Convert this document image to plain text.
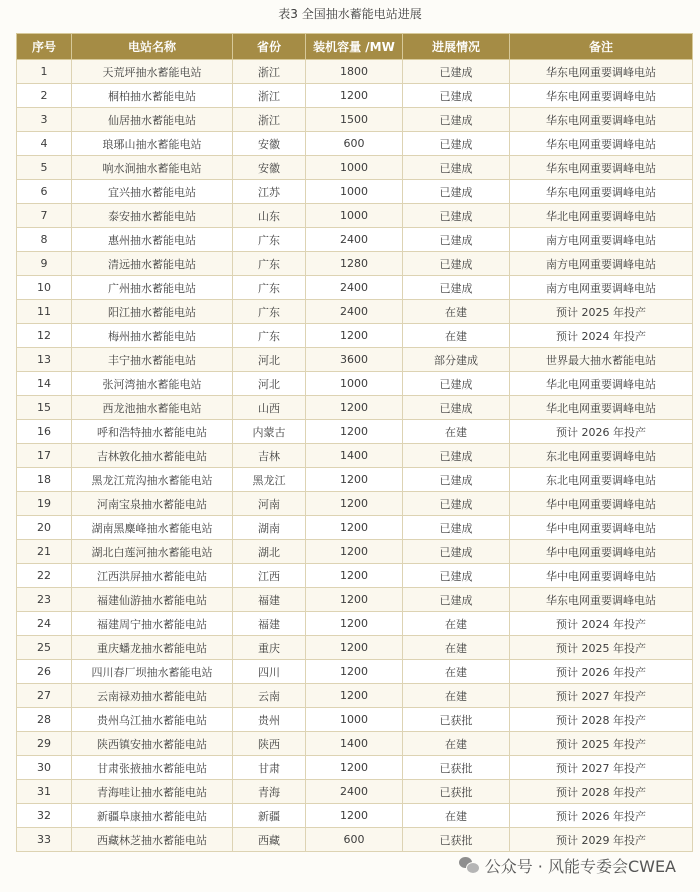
表3 全国抽水蓄能电站进展
序号	电站名称	省份	装机容量 /MW	进展情况	备注
1	天荒坪抽水蓄能电站	浙江	1800	已建成	华东电网重要调峰电站
2	桐柏抽水蓄能电站	浙江	1200	已建成	华东电网重要调峰电站
3	仙居抽水蓄能电站	浙江	1500	已建成	华东电网重要调峰电站
4	琅琊山抽水蓄能电站	安徽	600	已建成	华东电网重要调峰电站
5	响水涧抽水蓄能电站	安徽	1000	已建成	华东电网重要调峰电站
6	宜兴抽水蓄能电站	江苏	1000	已建成	华东电网重要调峰电站
7	泰安抽水蓄能电站	山东	1000	已建成	华北电网重要调峰电站
8	惠州抽水蓄能电站	广东	2400	已建成	南方电网重要调峰电站
9	清远抽水蓄能电站	广东	1280	已建成	南方电网重要调峰电站
10	广州抽水蓄能电站	广东	2400	已建成	南方电网重要调峰电站
11	阳江抽水蓄能电站	广东	2400	在建	预计 2025 年投产
12	梅州抽水蓄能电站	广东	1200	在建	预计 2024 年投产
13	丰宁抽水蓄能电站	河北	3600	部分建成	世界最大抽水蓄能电站
14	张河湾抽水蓄能电站	河北	1000	已建成	华北电网重要调峰电站
15	西龙池抽水蓄能电站	山西	1200	已建成	华北电网重要调峰电站
16	呼和浩特抽水蓄能电站	内蒙古	1200	在建	预计 2026 年投产
17	吉林敦化抽水蓄能电站	吉林	1400	已建成	东北电网重要调峰电站
18	黑龙江荒沟抽水蓄能电站	黑龙江	1200	已建成	东北电网重要调峰电站
19	河南宝泉抽水蓄能电站	河南	1200	已建成	华中电网重要调峰电站
20	湖南黑麋峰抽水蓄能电站	湖南	1200	已建成	华中电网重要调峰电站
21	湖北白莲河抽水蓄能电站	湖北	1200	已建成	华中电网重要调峰电站
22	江西洪屏抽水蓄能电站	江西	1200	已建成	华中电网重要调峰电站
23	福建仙游抽水蓄能电站	福建	1200	已建成	华东电网重要调峰电站
24	福建周宁抽水蓄能电站	福建	1200	在建	预计 2024 年投产
25	重庆蟠龙抽水蓄能电站	重庆	1200	在建	预计 2025 年投产
26	四川春厂坝抽水蓄能电站	四川	1200	在建	预计 2026 年投产
27	云南禄劝抽水蓄能电站	云南	1200	在建	预计 2027 年投产
28	贵州乌江抽水蓄能电站	贵州	1000	已获批	预计 2028 年投产
29	陕西镇安抽水蓄能电站	陕西	1400	在建	预计 2025 年投产
30	甘肃张掖抽水蓄能电站	甘肃	1200	已获批	预计 2027 年投产
31	青海哇让抽水蓄能电站	青海	2400	已获批	预计 2028 年投产
32	新疆阜康抽水蓄能电站	新疆	1200	在建	预计 2026 年投产
33	西藏林芝抽水蓄能电站	西藏	600	已获批	预计 2029 年投产
公众号 · 风能专委会CWEA
